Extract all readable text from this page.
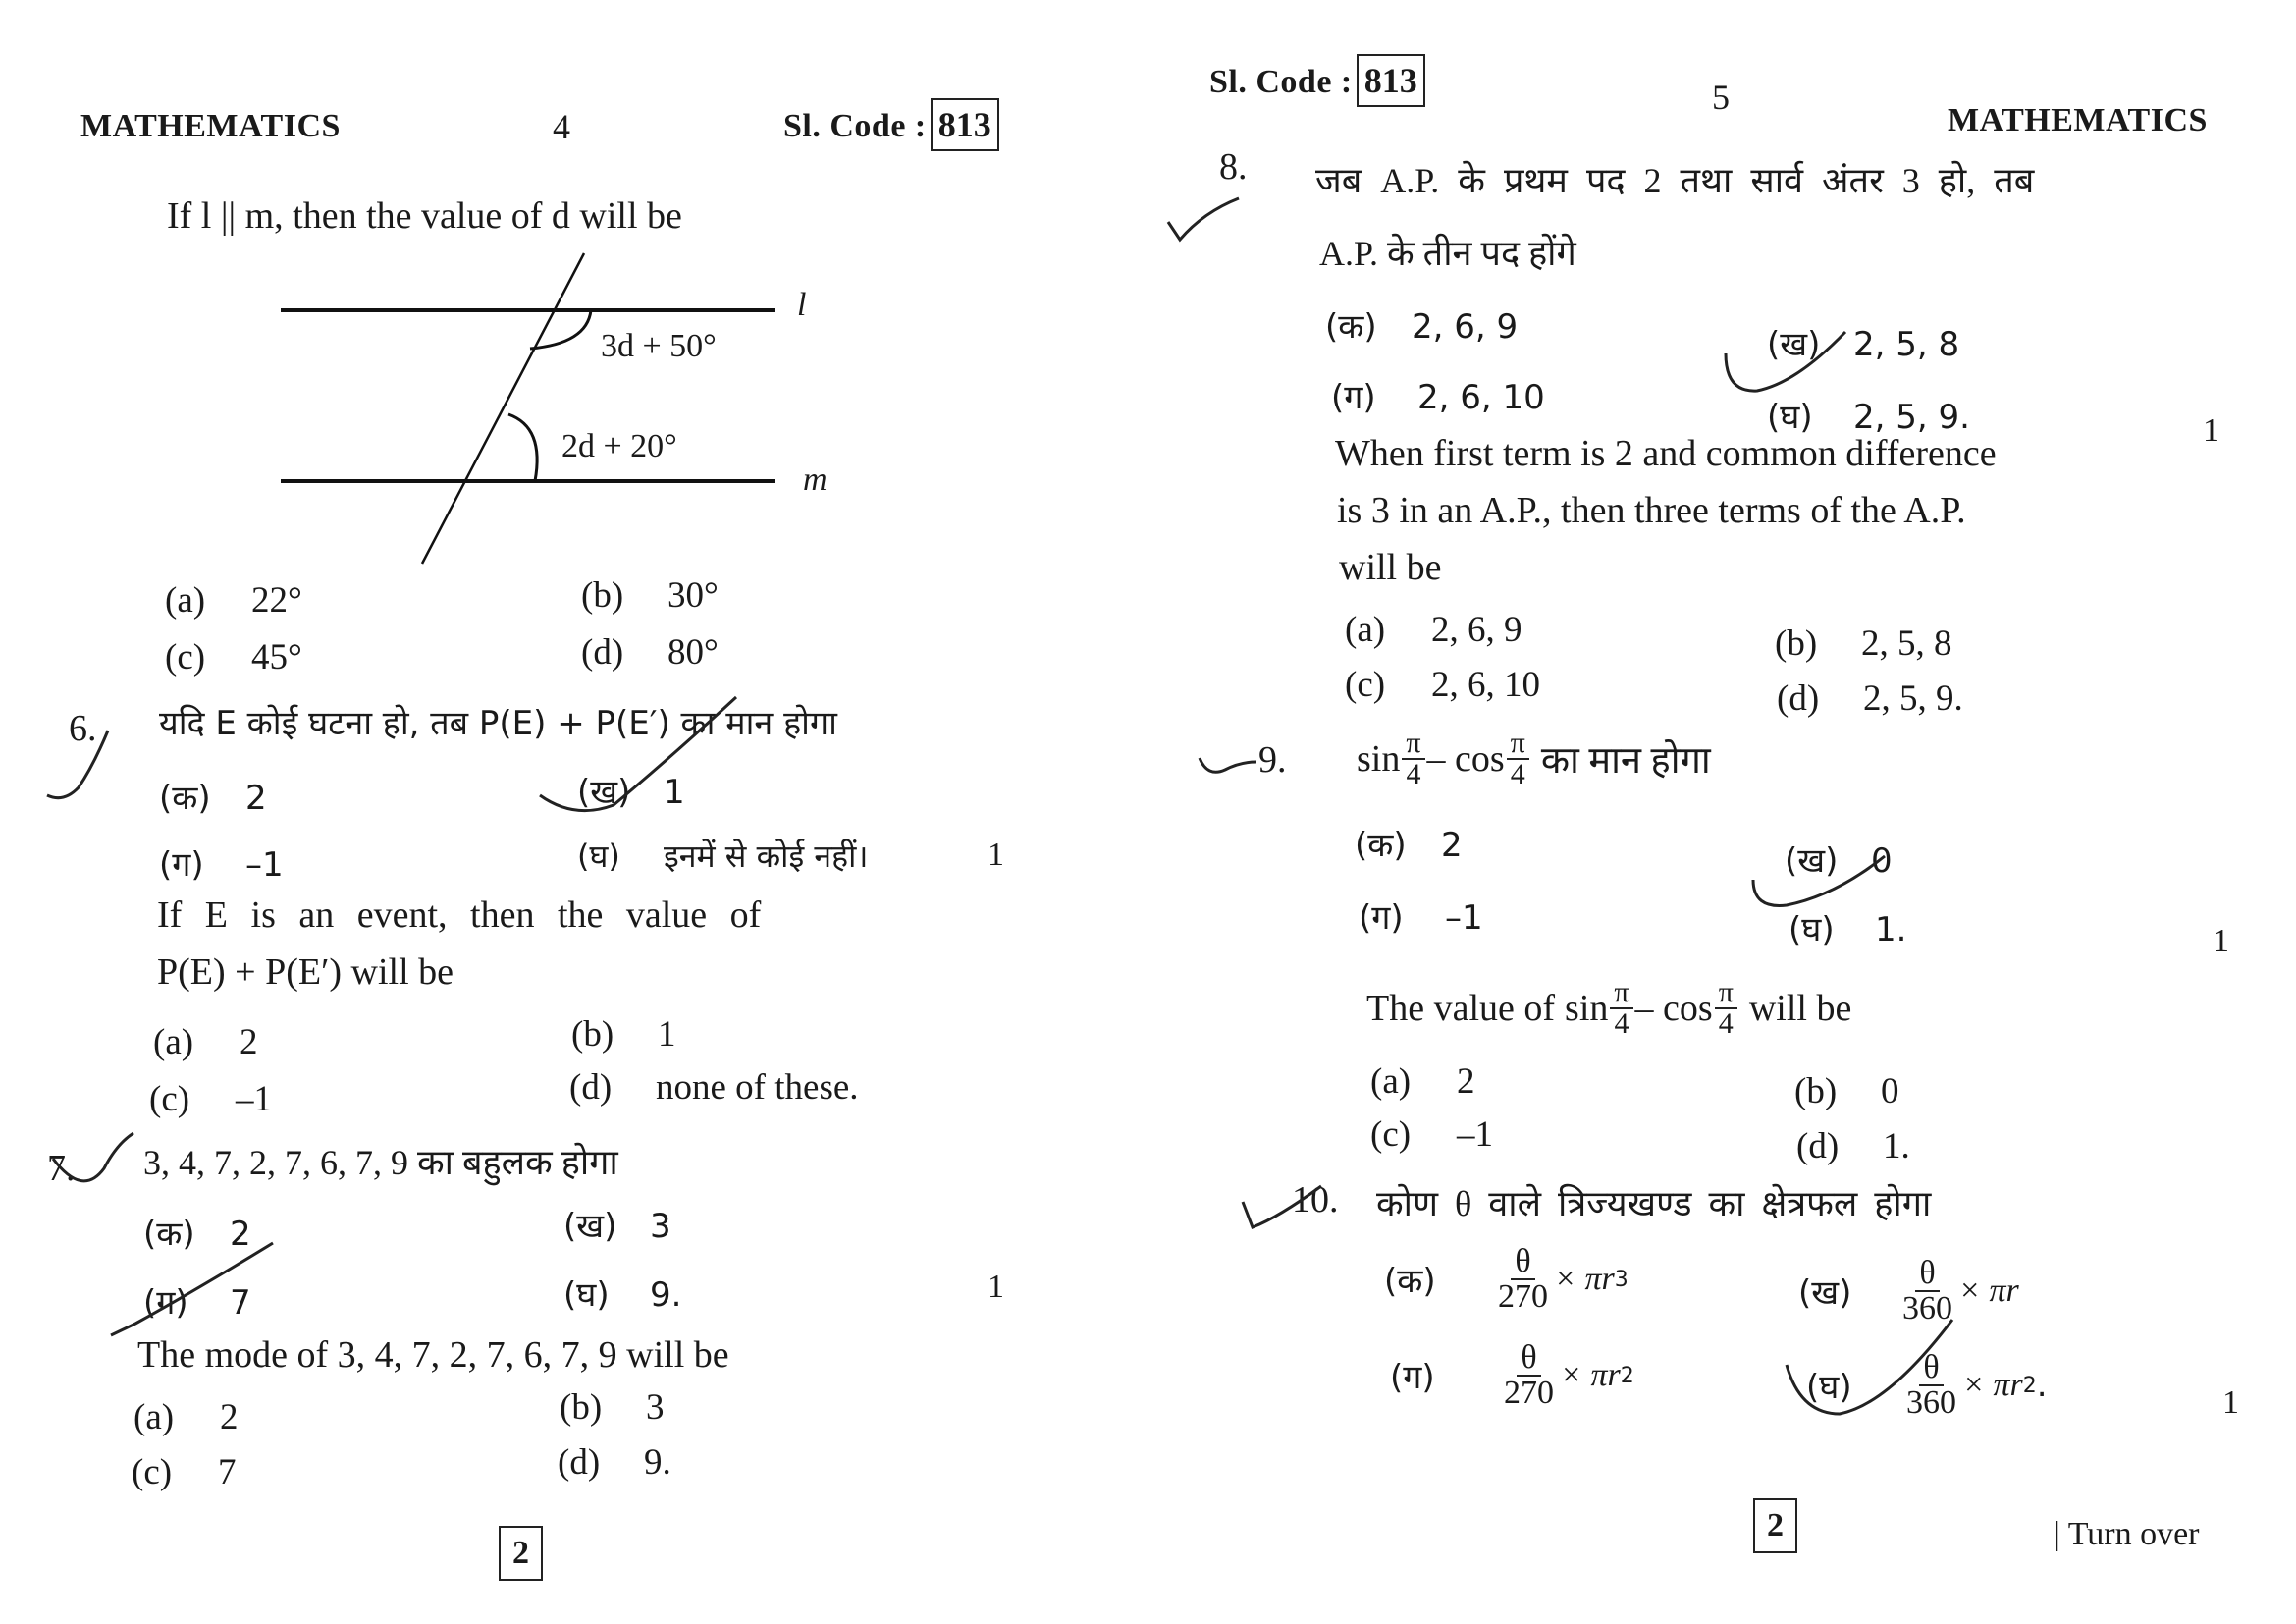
MATHEMATICS	4	Sl. Code : 813
If l || m, then the value of d will be
l
m
3d + 50°
2d + 20°
(a) 22°	(b) 30°
(c) 45°	(d) 80°
6. यदि E कोई घटना हो, तब P(E) + P(E′) का मान होगा
(क) 2	(ख) 1
(ग) –1	(घ) इनमें से कोई नहीं।	1
If E is an event, then the value of
P(E) + P(E′) will be
(a) 2	(b) 1
(c) –1	(d) none of these.
7. 3, 4, 7, 2, 7, 6, 7, 9 का बहुलक होगा
(क) 2	(ख) 3
(ग) 7	(घ) 9.	1
The mode of 3, 4, 7, 2, 7, 6, 7, 9 will be
(a) 2	(b) 3
(c) 7	(d) 9.
2
Sl. Code : 813	5
MATHEMATICS
8. जब A.P. के प्रथम पद 2 तथा सार्व अंतर 3 हो, तब
A.P. के तीन पद होंगे
(क) 2, 6, 9	(ख) 2, 5, 8
(ग) 2, 6, 10	(घ) 2, 5, 9.	1
When first term is 2 and common difference
is 3 in an A.P., then three terms of the A.P.
will be
(a) 2, 6, 9	(b) 2, 5, 8
(c) 2, 6, 10	(d) 2, 5, 9.
9. $\sin \frac{\pi}{4}$ – $\cos \frac{\pi}{4}$ का मान होगा
(क) 2	(ख) 0
(ग) –1	(घ) 1.	1
The value of $\sin \frac{\pi}{4}$ – $\cos \frac{\pi}{4}$ will be
(a) 2	(b) 0
(c) –1	(d) 1.
10. कोण θ वाले त्रिज्यखण्ड का क्षेत्रफल होगा
(क)	$\frac{\theta}{270} \times \pi r$ 3	(ख)	$\frac{\theta}{360} \times \pi r$
(ग)	$\frac{\theta}{270} \times \pi r$ 2	(घ)	$\frac{\theta}{360} \times \pi r$ 2 .	1
2	| Turn over
